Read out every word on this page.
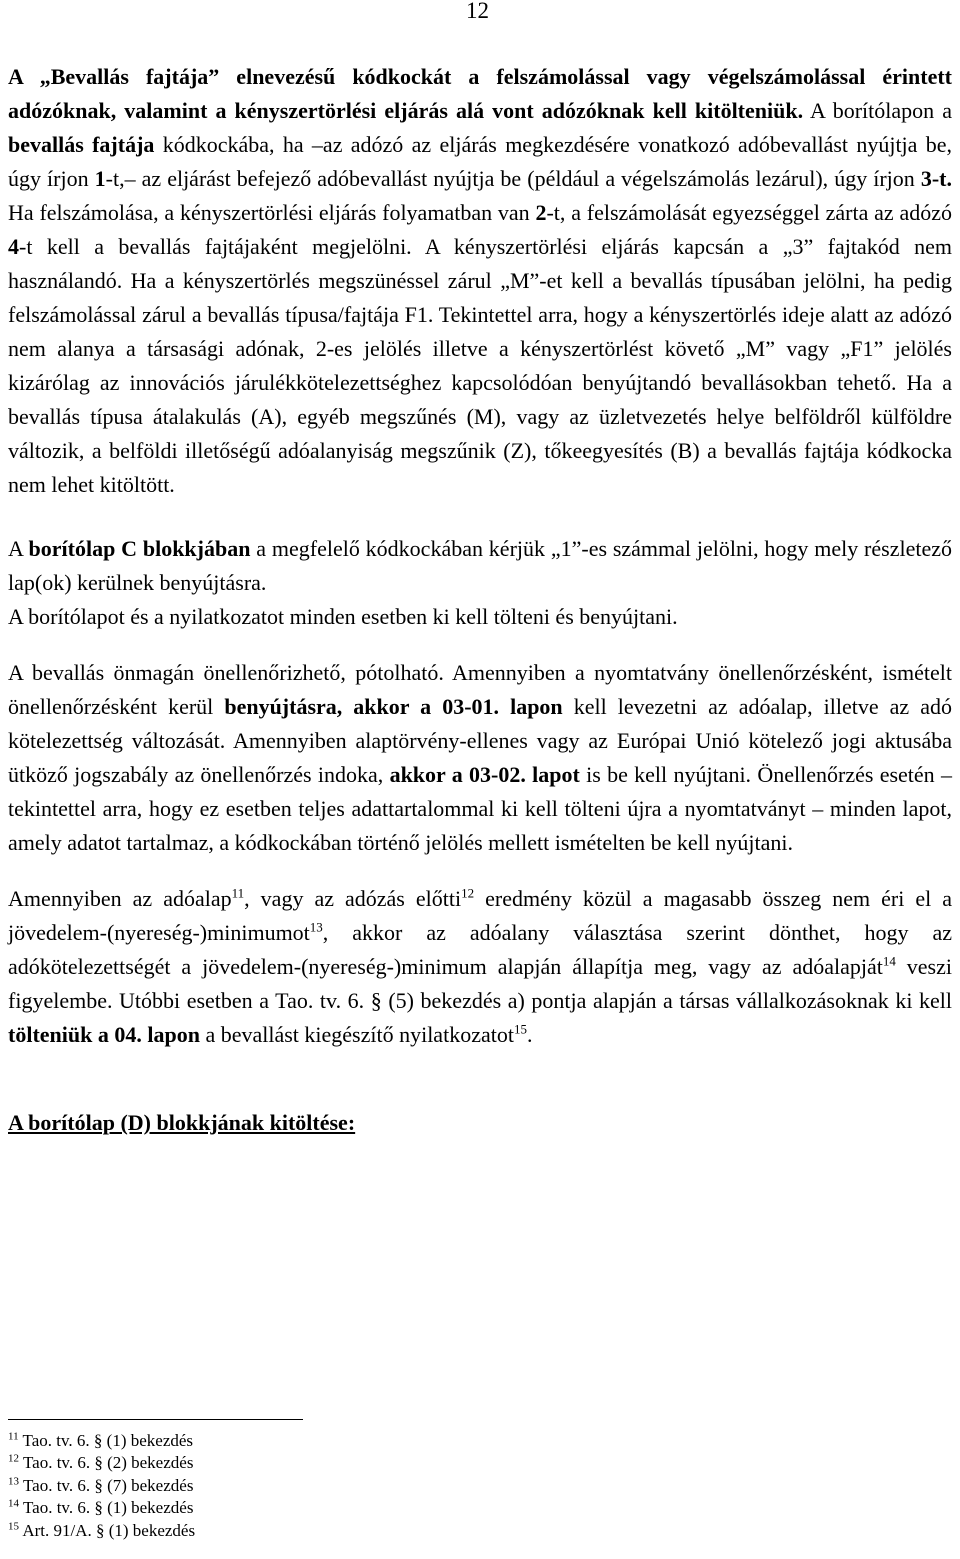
12

A „Bevallás fajtája” elnevezésű kódkockát a felszámolással vagy végelszámolással érintett adózóknak, valamint a kényszertörlési eljárás alá vont adózóknak kell kitölteniük. A borítólapon a bevallás fajtája kódkockába, ha –az adózó az eljárás megkezdésére vonatkozó adóbevallást nyújtja be, úgy írjon 1-t,– az eljárást befejező adóbevallást nyújtja be (például a végelszámolás lezárul), úgy írjon 3-t. Ha felszámolása, a kényszertörlési eljárás folyamatban van 2-t, a felszámolását egyezséggel zárta az adózó 4-t kell a bevallás fajtájaként megjelölni. A kényszertörlési eljárás kapcsán a „3” fajtakód nem használandó. Ha a kényszertörlés megszünéssel zárul „M”-et kell a bevallás típusában jelölni, ha pedig felszámolással zárul a bevallás típusa/fajtája F1. Tekintettel arra, hogy a kényszertörlés ideje alatt az adózó nem alanya a társasági adónak, 2-es jelölés illetve a kényszertörlést követő „M” vagy „F1” jelölés kizárólag az innovációs járulékkötelezettséghez kapcsolódóan benyújtandó bevallásokban tehető. Ha a bevallás típusa átalakulás (A), egyéb megszűnés (M), vagy az üzletvezetés helye belföldről külföldre változik, a belföldi illetőségű adóalanyiság megszűnik (Z), tőkeegyesítés (B) a bevallás fajtája kódkocka nem lehet kitöltött.

A borítólap C blokkjában a megfelelő kódkockában kérjük „1”-es számmal jelölni, hogy mely részletező lap(ok) kerülnek benyújtásra.

A borítólapot és a nyilatkozatot minden esetben ki kell tölteni és benyújtani.

A bevallás önmagán önellenőrizhető, pótolható. Amennyiben a nyomtatvány önellenőrzésként, ismételt önellenőrzésként kerül benyújtásra, akkor a 03-01. lapon kell levezetni az adóalap, illetve az adó kötelezettség változását. Amennyiben alaptörvény-ellenes vagy az Európai Unió kötelező jogi aktusába ütköző jogszabály az önellenőrzés indoka, akkor a 03-02. lapot is be kell nyújtani. Önellenőrzés esetén – tekintettel arra, hogy ez esetben teljes adattartalommal ki kell tölteni újra a nyomtatványt – minden lapot, amely adatot tartalmaz, a kódkockában történő jelölés mellett ismételten be kell nyújtani.

Amennyiben az adóalap$^{11}$, vagy az adózás előtti$^{12}$ eredmény közül a magasabb összeg nem éri el a jövedelem-(nyereség-)minimumot$^{13}$, akkor az adóalany választása szerint dönthet, hogy az adókötelezettségét a jövedelem-(nyereség-)minimum alapján állapítja meg, vagy az adóalapját$^{14}$ veszi figyelembe. Utóbbi esetben a Tao. tv. 6. § (5) bekezdés a) pontja alapján a társas vállalkozásoknak ki kell tölteniük a 04. lapon a bevallást kiegészítő nyilatkozatot$^{15}$.

A borítólap (D) blokkjának kitöltése:

$^{11}$ Tao. tv. 6. § (1) bekezdés
$^{12}$ Tao. tv. 6. § (2) bekezdés
$^{13}$ Tao. tv. 6. § (7) bekezdés
$^{14}$ Tao. tv. 6. § (1) bekezdés
$^{15}$ Art. 91/A. § (1) bekezdés
